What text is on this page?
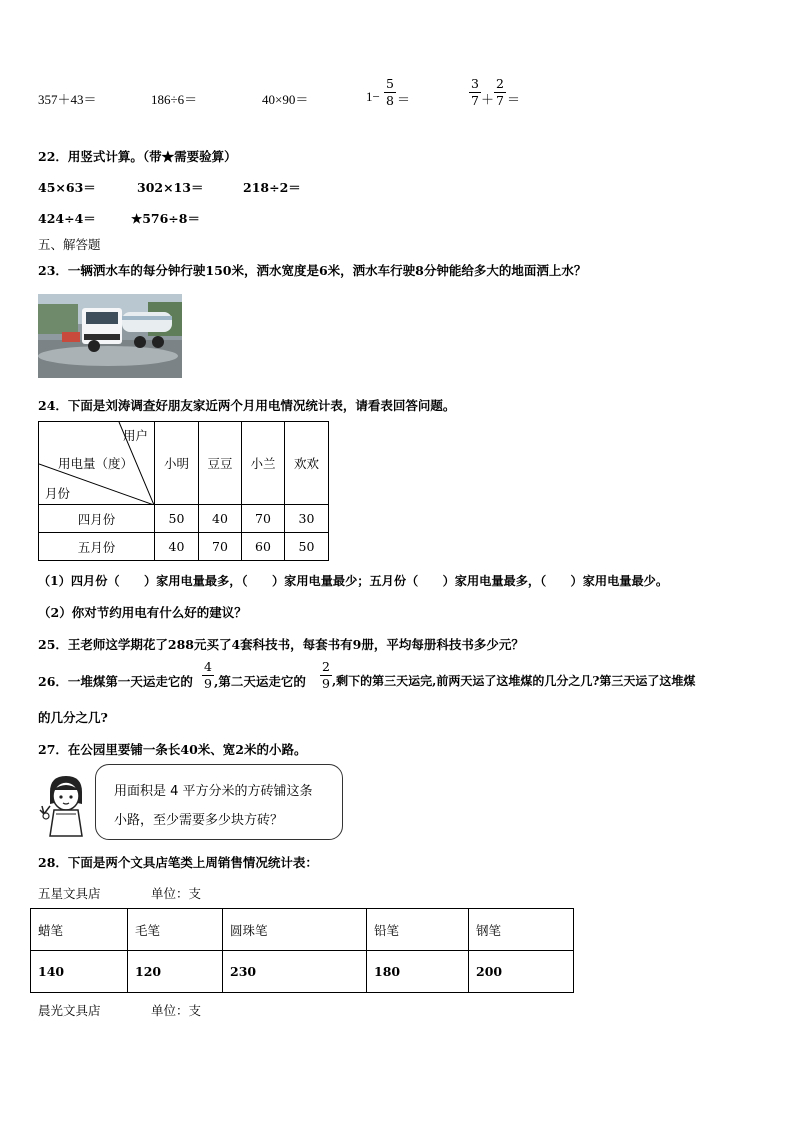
357＋43＝	186÷6＝	40×90＝	1−
5
8 ＝
3
7 ＋
2
7 ＝
22．用竖式计算。（带★需要验算）
45×63＝	302×13＝	218÷2＝
424÷4＝	★576÷8＝
五、解答题
23．一辆洒水车的每分钟行驶150米，洒水宽度是6米，洒水车行驶8分钟能给多大的地面洒上水？
24．下面是刘涛调查好朋友家近两个月用电情况统计表，请看表回答问题。
用户
用电量（度）
月份	小明	豆豆	小兰	欢欢
四月份	50	40	70	30
五月份	40	70	60	50
（1）四月份（　　）家用电量最多，（　　）家用电量最少；五月份（　　）家用电量最多，（　　）家用电量最少。
（2）你对节约用电有什么好的建议？
25．王老师这学期花了288元买了4套科技书，每套书有9册，平均每册科技书多少元？
26．一堆煤第一天运走它的
4
9 ,第二天运走它的
2
9 ,剩下的第三天运完,前两天运了这堆煤的几分之几?第三天运了这堆煤
的几分之几?
27．在公园里要铺一条长40米、宽2米的小路。
用面积是 4 平方分米的方砖铺这条
小路，至少需要多少块方砖？
28．下面是两个文具店笔类上周销售情况统计表：
五星文具店	单位：支
蜡笔	毛笔	圆珠笔	铅笔	钢笔
140	120	230	180	200
晨光文具店	单位：支
